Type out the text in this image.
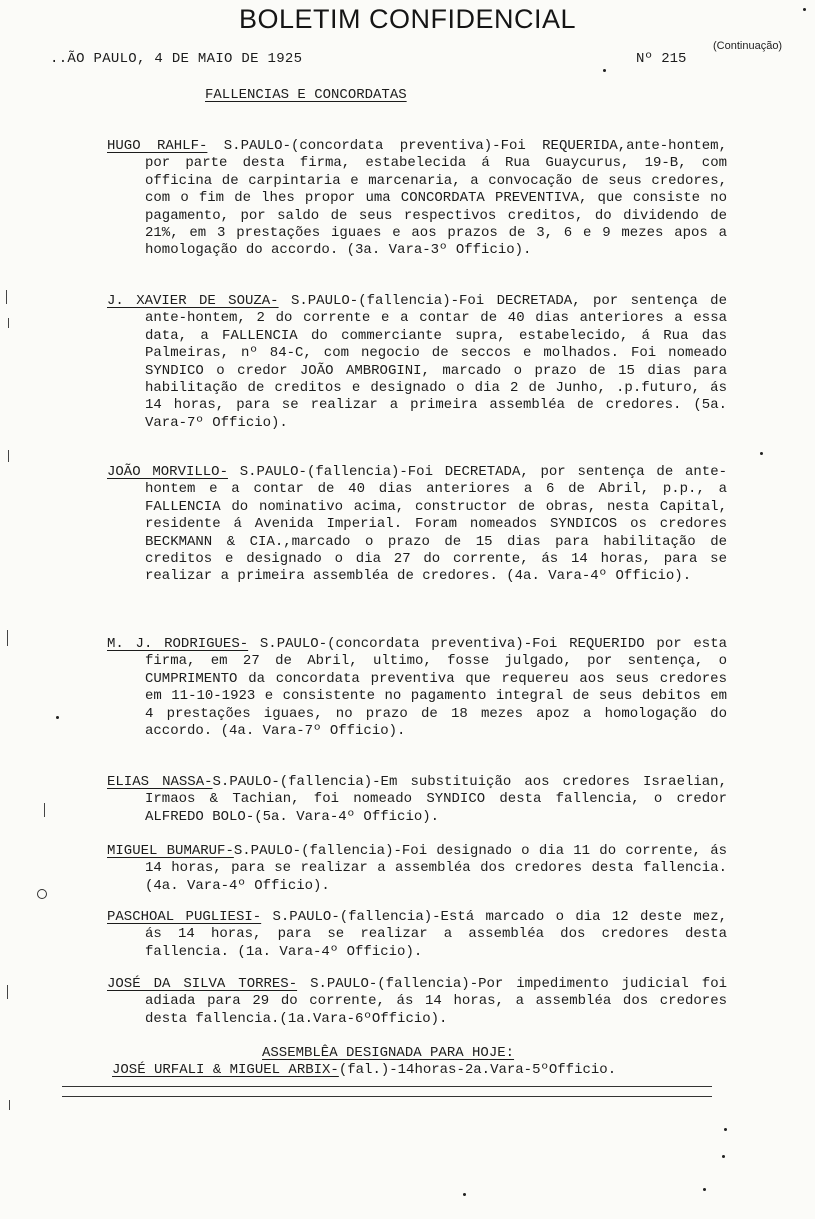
BOLETIM CONFIDENCIAL
(Continuação)
..ÃO PAULO, 4 DE MAIO DE 1925	Nº 215
FALLENCIAS E CONCORDATAS

HUGO RAHLF- S.PAULO-(concordata preventiva)-Foi REQUERIDA,ante-hontem, por parte desta firma, estabelecida á Rua Guaycurus, 19-B, com officina de carpintaria e marcenaria, a convocação de seus credores, com o fim de lhes propor uma CONCORDATA PREVENTIVA, que consiste no pagamento, por saldo de seus respectivos creditos, do dividendo de 21%, em 3 prestações iguaes e aos prazos de 3, 6 e 9 mezes apos a homologação do accordo. (3a. Vara-3º Officio).

J. XAVIER DE SOUZA- S.PAULO-(fallencia)-Foi DECRETADA, por sentença de ante-hontem, 2 do corrente e a contar de 40 dias anteriores a essa data, a FALLENCIA do commerciante supra, estabelecido, á Rua das Palmeiras, nº 84-C, com negocio de seccos e molhados. Foi nomeado SYNDICO o credor JOÃO AMBROGINI, marcado o prazo de 15 dias para habilitação de creditos e designado o dia 2 de Junho, .p.futuro, ás 14 horas, para se realizar a primeira assembléa de credores. (5a. Vara-7º Officio).

JOÃO MORVILLO- S.PAULO-(fallencia)-Foi DECRETADA, por sentença de ante-hontem e a contar de 40 dias anteriores a 6 de Abril, p.p., a FALLENCIA do nominativo acima, constructor de obras, nesta Capital, residente á Avenida Imperial. Foram nomeados SYNDICOS os credores BECKMANN & CIA.,marcado o prazo de 15 dias para habilitação de creditos e designado o dia 27 do corrente, ás 14 horas, para se realizar a primeira assembléa de credores. (4a. Vara-4º Officio).

M. J. RODRIGUES- S.PAULO-(concordata preventiva)-Foi REQUERIDO por esta firma, em 27 de Abril, ultimo, fosse julgado, por sentença, o CUMPRIMENTO da concordata preventiva que requereu aos seus credores em 11-10-1923 e consistente no pagamento integral de seus debitos em 4 prestações iguaes, no prazo de 18 mezes apoz a homologação do accordo. (4a. Vara-7º Officio).

ELIAS NASSA-S.PAULO-(fallencia)-Em substituição aos credores Israelian, Irmaos & Tachian, foi nomeado SYNDICO desta fallencia, o credor ALFREDO BOLO-(5a. Vara-4º Officio).

MIGUEL BUMARUF-S.PAULO-(fallencia)-Foi designado o dia 11 do corrente, ás 14 horas, para se realizar a assembléa dos credores desta fallencia. (4a. Vara-4º Officio).

PASCHOAL PUGLIESI- S.PAULO-(fallencia)-Está marcado o dia 12 deste mez, ás 14 horas, para se realizar a assembléa dos credores desta fallencia. (1a. Vara-4º Officio).

JOSÉ DA SILVA TORRES- S.PAULO-(fallencia)-Por impedimento judicial foi adiada para 29 do corrente, ás 14 horas, a assembléa dos credores desta fallencia.(1a.Vara-6ºOfficio).

ASSEMBLÊA DESIGNADA PARA HOJE:
JOSÉ URFALI & MIGUEL ARBIX-(fal.)-14horas-2a.Vara-5ºOfficio.
